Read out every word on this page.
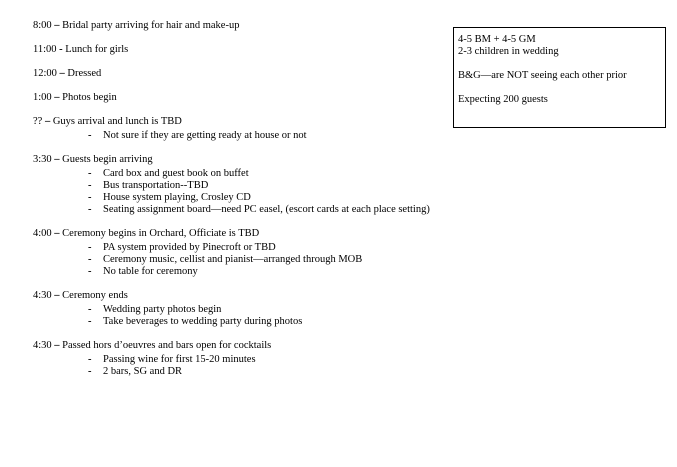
8:00 – Bridal party arriving for hair and make-up

11:00 - Lunch for girls

12:00 – Dressed

1:00 – Photos begin

?? – Guys arrival and lunch is TBD

- Not sure if they are getting ready at house or not

3:30 – Guests begin arriving

- Card box and guest book on buffet
- Bus transportation--TBD
- House system playing, Crosley CD
- Seating assignment board—need PC easel, (escort cards at each place setting)

4:00 – Ceremony begins in Orchard, Officiate is TBD

- PA system provided by Pinecroft or TBD
- Ceremony music, cellist and pianist—arranged through MOB
- No table for ceremony

4:30 – Ceremony ends

- Wedding party photos begin
- Take beverages to wedding party during photos

4:30 – Passed hors d’oeuvres and bars open for cocktails

- Passing wine for first 15-20 minutes
- 2 bars, SG and DR
4-5 BM + 4-5 GM
2-3 children in wedding
B&G—are NOT seeing each other prior
Expecting 200 guests
